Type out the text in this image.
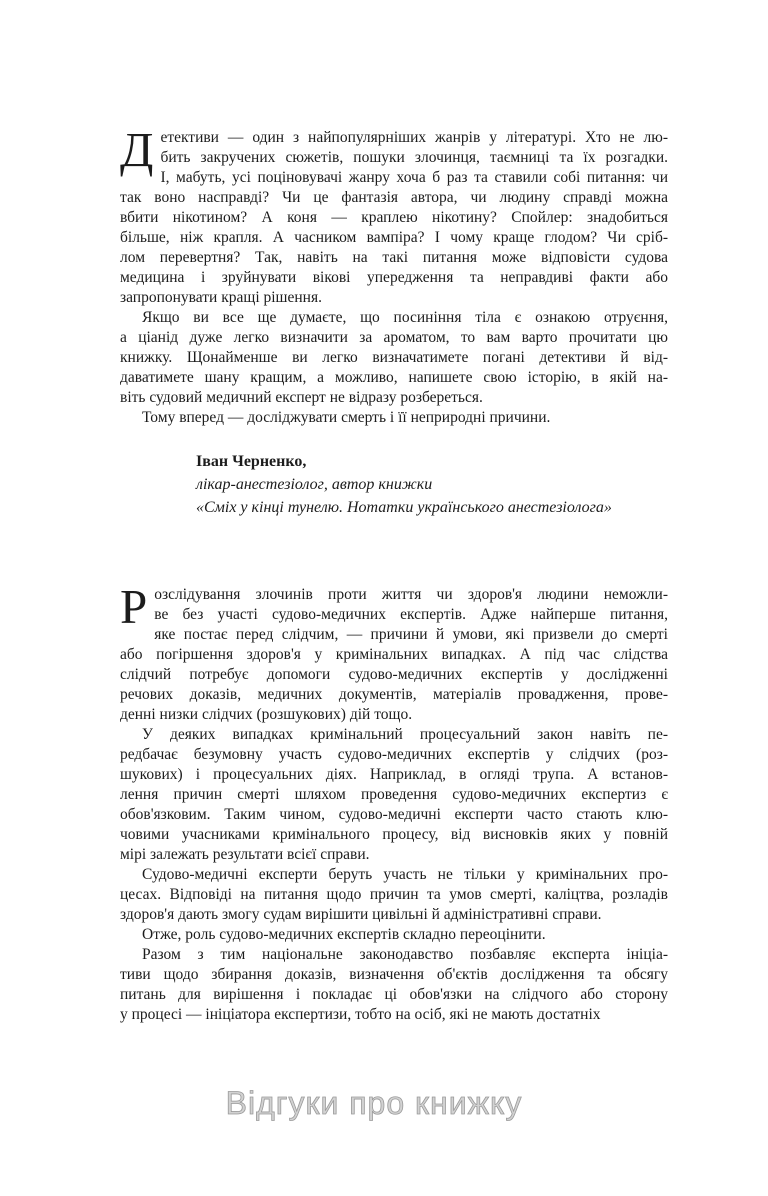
Д етективи — один з найпопулярніших жанрів у літературі. Хто не лю-
бить закручених сюжетів, пошуки злочинця, таємниці та їх розгадки.
І, мабуть, усі поціновувачі жанру хоча б раз та ставили собі питання: чи
так воно насправді? Чи це фантазія автора, чи людину справді можна
вбити нікотином? А коня — краплею нікотину? Спойлер: знадобиться
більше, ніж крапля. А часником вампіра? І чому краще глодом? Чи сріб-
лом перевертня? Так, навіть на такі питання може відповісти судова
медицина і зруйнувати вікові упередження та неправдиві факти або
запропонувати кращі рішення.
Якщо ви все ще думаєте, що посиніння тіла є ознакою отруєння,
а ціанід дуже легко визначити за ароматом, то вам варто прочитати цю
книжку. Щонайменше ви легко визначатимете погані детективи й від-
даватимете шану кращим, а можливо, напишете свою історію, в якій на-
віть судовий медичний експерт не відразу розбереться.
Тому вперед — досліджувати смерть і її неприродні причини.
Іван Черненко,
лікар-анестезіолог, автор книжки
«Сміх у кінці тунелю. Нотатки українського анестезіолога»
Р озслідування злочинів проти життя чи здоров'я людини неможли-
ве без участі судово-медичних експертів. Адже найперше питання,
яке постає перед слідчим, — причини й умови, які призвели до смерті
або погіршення здоров'я у кримінальних випадках. А під час слідства
слідчий потребує допомоги судово-медичних експертів у дослідженні
речових доказів, медичних документів, матеріалів провадження, прове-
денні низки слідчих (розшукових) дій тощо.
У деяких випадках кримінальний процесуальний закон навіть пе-
редбачає безумовну участь судово-медичних експертів у слідчих (роз-
шукових) і процесуальних діях. Наприклад, в огляді трупа. А встанов-
лення причин смерті шляхом проведення судово-медичних експертиз є
обов'язковим. Таким чином, судово-медичні експерти часто стають клю-
човими учасниками кримінального процесу, від висновків яких у повній
мірі залежать результати всієї справи.
Судово-медичні експерти беруть участь не тільки у кримінальних про-
цесах. Відповіді на питання щодо причин та умов смерті, каліцтва, розладів
здоров'я дають змогу судам вирішити цивільні й адміністративні справи.
Отже, роль судово-медичних експертів складно переоцінити.
Разом з тим національне законодавство позбавляє експерта ініціа-
тиви щодо збирання доказів, визначення об'єктів дослідження та обсягу
питань для вирішення і покладає ці обов'язки на слідчого або сторону
у процесі — ініціатора експертизи, тобто на осіб, які не мають достатніх
Відгуки про книжку
